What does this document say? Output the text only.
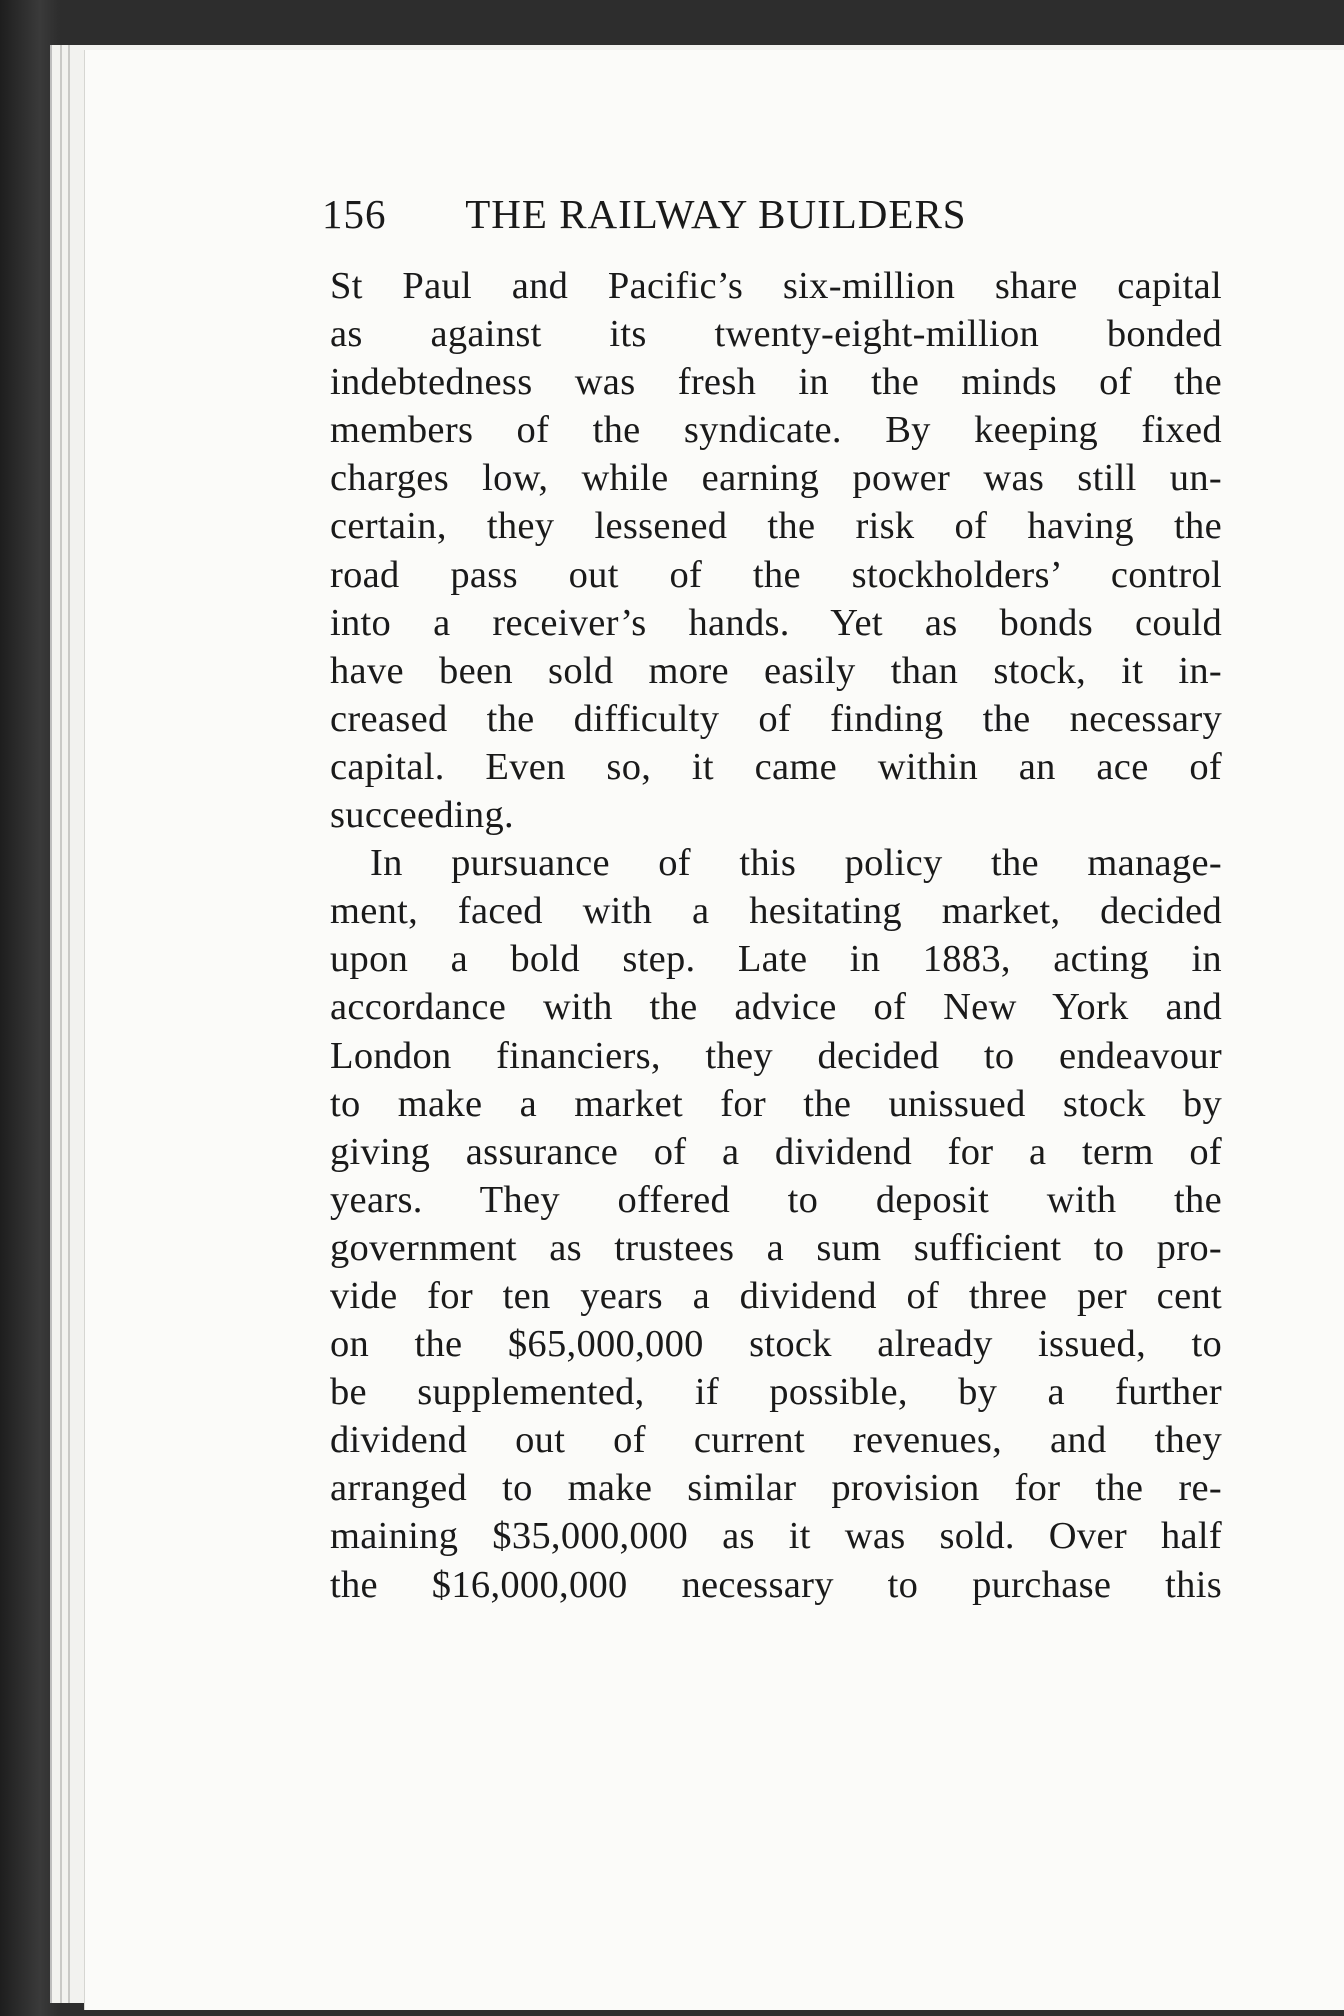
156 THE RAILWAY BUILDERS
St Paul and Pacific’s six-million share capital
as against its twenty-eight-million bonded
indebtedness was fresh in the minds of the
members of the syndicate. By keeping fixed
charges low, while earning power was still un-
certain, they lessened the risk of having the
road pass out of the stockholders’ control
into a receiver’s hands. Yet as bonds could
have been sold more easily than stock, it in-
creased the difficulty of finding the necessary
capital. Even so, it came within an ace of
succeeding.
In pursuance of this policy the manage-
ment, faced with a hesitating market, decided
upon a bold step. Late in 1883, acting in
accordance with the advice of New York and
London financiers, they decided to endeavour
to make a market for the unissued stock by
giving assurance of a dividend for a term of
years. They offered to deposit with the
government as trustees a sum sufficient to pro-
vide for ten years a dividend of three per cent
on the $65,000,000 stock already issued, to
be supplemented, if possible, by a further
dividend out of current revenues, and they
arranged to make similar provision for the re-
maining $35,000,000 as it was sold. Over half
the $16,000,000 necessary to purchase this
